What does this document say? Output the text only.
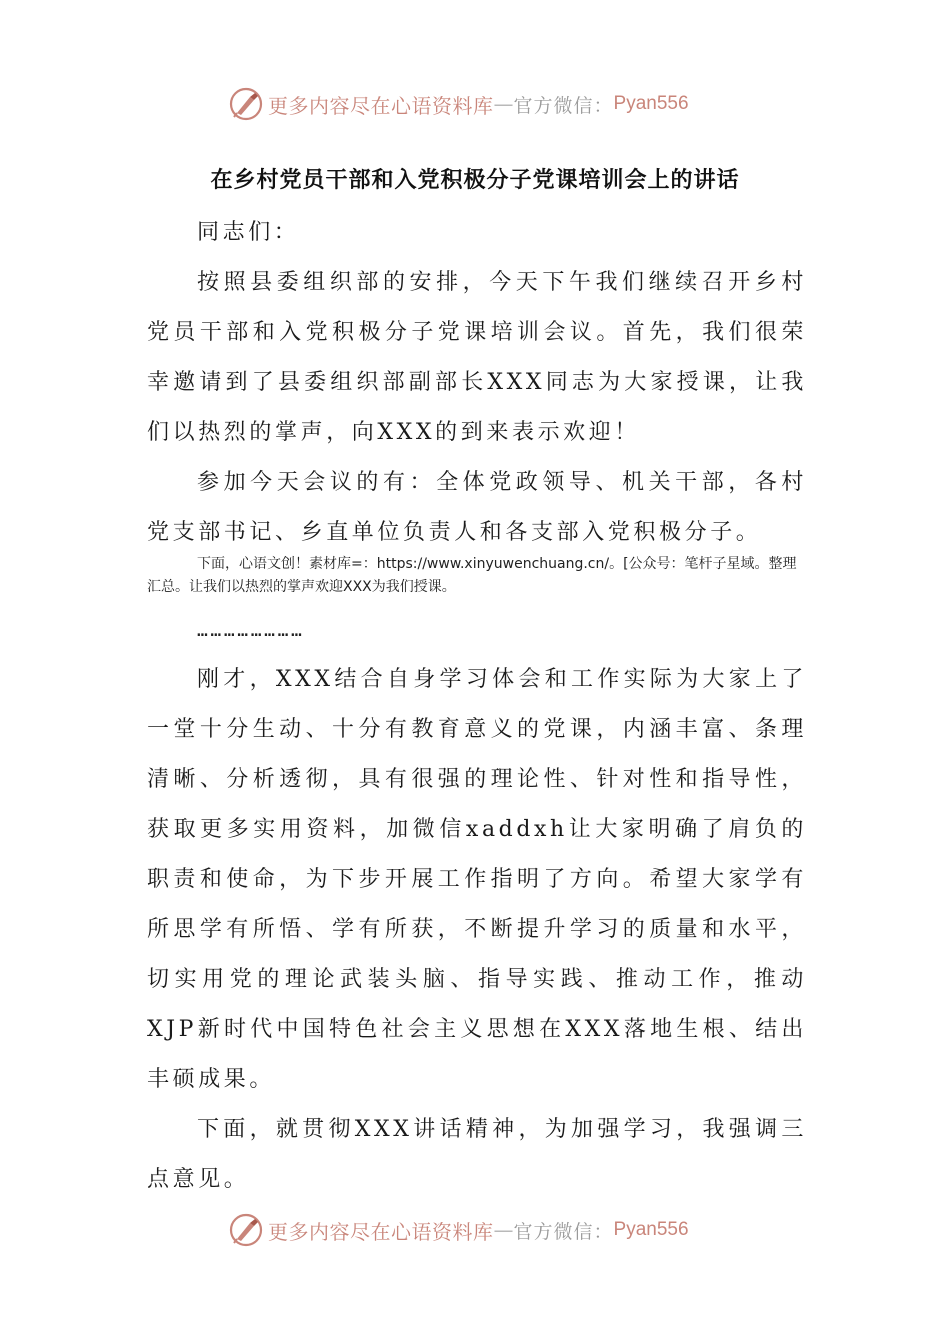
更多内容尽在心语资料库 — 官方微信： Pyan556
在乡村党员干部和入党积极分子党课培训会上的讲话

同志们：

按照县委组织部的安排，今天下午我们继续召开乡村党员干部和入党积极分子党课培训会议。首先，我们很荣幸邀请到了县委组织部副部长XXX同志为大家授课，让我们以热烈的掌声，向XXX的到来表示欢迎！

参加今天会议的有：全体党政领导、机关干部，各村党支部书记、乡直单位负责人和各支部入党积极分子。

下面，心语文创！素材库=：https://www.xinyuwenchuang.cn/。[公众号：笔杆子星域。整理汇总。让我们以热烈的掌声欢迎XXX为我们授课。
……………………

刚才，XXX结合自身学习体会和工作实际为大家上了一堂十分生动、十分有教育意义的党课，内涵丰富、条理清晰、分析透彻，具有很强的理论性、针对性和指导性，获取更多实用资料，加微信xaddxh让大家明确了肩负的职责和使命，为下步开展工作指明了方向。希望大家学有所思学有所悟、学有所获，不断提升学习的质量和水平，切实用党的理论武装头脑、指导实践、推动工作，推动XJP新时代中国特色社会主义思想在XXX落地生根、结出丰硕成果。

下面，就贯彻XXX讲话精神，为加强学习，我强调三点意见。

更多内容尽在心语资料库 — 官方微信： Pyan556
